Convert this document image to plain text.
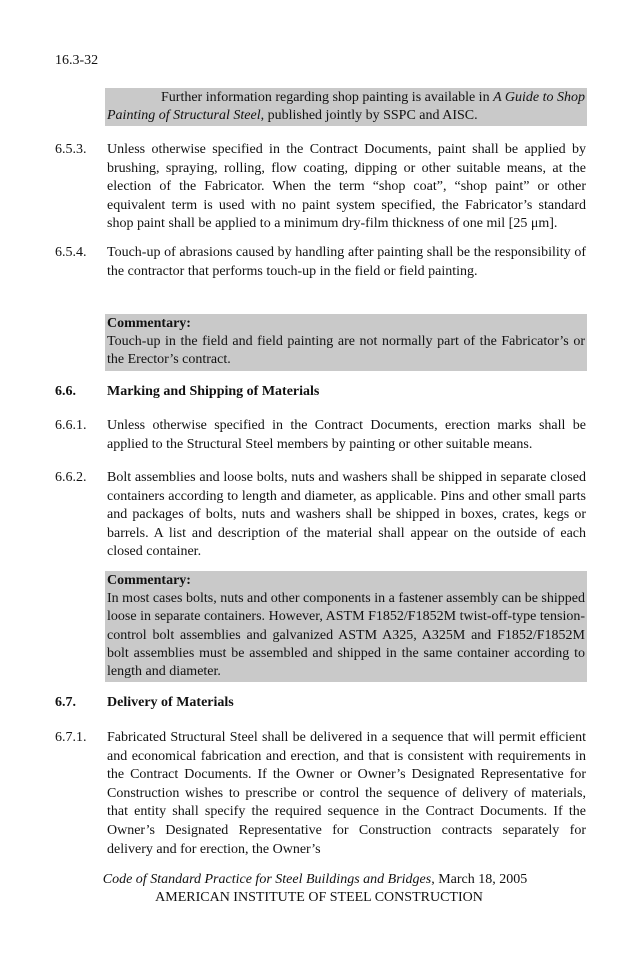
16.3-32
Further information regarding shop painting is available in A Guide to Shop Painting of Structural Steel, published jointly by SSPC and AISC.
6.5.3.	Unless otherwise specified in the Contract Documents, paint shall be applied by brushing, spraying, rolling, flow coating, dipping or other suitable means, at the election of the Fabricator. When the term “shop coat”, “shop paint” or other equivalent term is used with no paint system specified, the Fabricator’s standard shop paint shall be applied to a minimum dry-film thickness of one mil [25 μm].
6.5.4.	Touch-up of abrasions caused by handling after painting shall be the responsibility of the contractor that performs touch-up in the field or field painting.
Commentary:
Touch-up in the field and field painting are not normally part of the Fabricator’s or the Erector’s contract.
6.6.	Marking and Shipping of Materials
6.6.1.	Unless otherwise specified in the Contract Documents, erection marks shall be applied to the Structural Steel members by painting or other suitable means.
6.6.2.	Bolt assemblies and loose bolts, nuts and washers shall be shipped in separate closed containers according to length and diameter, as applicable. Pins and other small parts and packages of bolts, nuts and washers shall be shipped in boxes, crates, kegs or barrels. A list and description of the material shall appear on the outside of each closed container.
Commentary:
In most cases bolts, nuts and other components in a fastener assembly can be shipped loose in separate containers. However, ASTM F1852/F1852M twist-off-type tension-control bolt assemblies and galvanized ASTM A325, A325M and F1852/F1852M bolt assemblies must be assembled and shipped in the same container according to length and diameter.
6.7.	Delivery of Materials
6.7.1.	Fabricated Structural Steel shall be delivered in a sequence that will permit efficient and economical fabrication and erection, and that is consistent with requirements in the Contract Documents. If the Owner or Owner’s Designated Representative for Construction wishes to prescribe or control the sequence of delivery of materials, that entity shall specify the required sequence in the Contract Documents. If the Owner’s Designated Representative for Construction contracts separately for delivery and for erection, the Owner’s
Code of Standard Practice for Steel Buildings and Bridges, March 18, 2005
AMERICAN INSTITUTE OF STEEL CONSTRUCTION
